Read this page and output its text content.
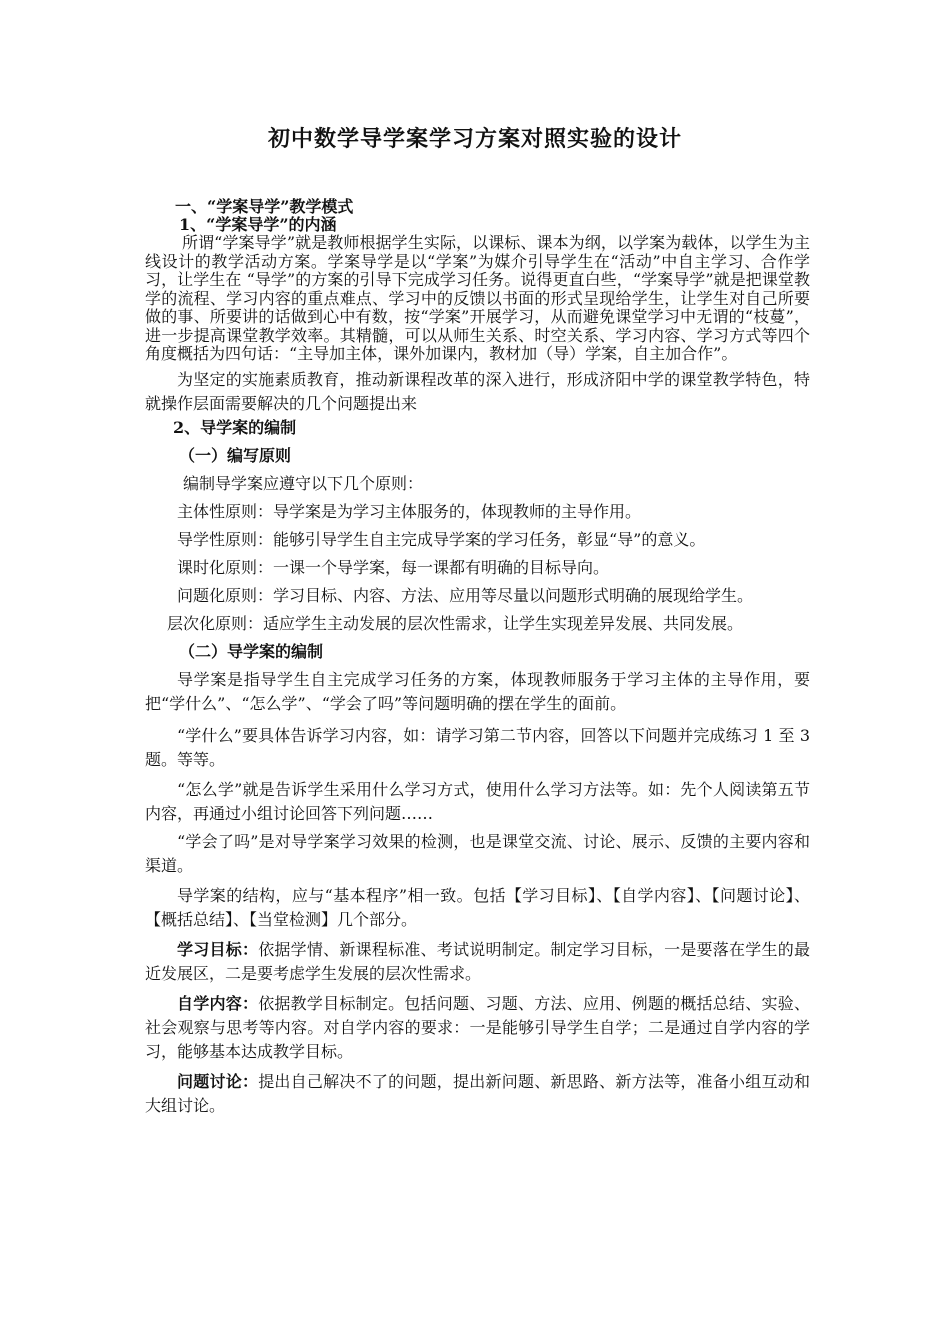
初中数学导学案学习方案对照实验的设计
一、“学案导学”教学模式
1、“学案导学”的内涵

所谓“学案导学”就是教师根据学生实际，以课标、课本为纲，以学案为载体，以学生为主线设计的教学活动方案。学案导学是以“学案”为媒介引导学生在“活动”中自主学习、合作学习，让学生在 “导学”的方案的引导下完成学习任务。说得更直白些，“学案导学”就是把课堂教学的流程、学习内容的重点难点、学习中的反馈以书面的形式呈现给学生，让学生对自己所要做的事、所要讲的话做到心中有数，按“学案”开展学习，从而避免课堂学习中无谓的“枝蔓”，进一步提高课堂教学效率。其精髓，可以从师生关系、时空关系、学习内容、学习方式等四个角度概括为四句话：“主导加主体，课外加课内，教材加（导）学案，自主加合作”。

为坚定的实施素质教育，推动新课程改革的深入进行，形成济阳中学的课堂教学特色，特就操作层面需要解决的几个问题提出来

2、导学案的编制
（一）编写原则

编制导学案应遵守以下几个原则：

主体性原则：导学案是为学习主体服务的，体现教师的主导作用。

导学性原则：能够引导学生自主完成导学案的学习任务，彰显“导”的意义。

课时化原则：一课一个导学案，每一课都有明确的目标导向。

问题化原则：学习目标、内容、方法、应用等尽量以问题形式明确的展现给学生。

层次化原则：适应学生主动发展的层次性需求，让学生实现差异发展、共同发展。

（二）导学案的编制

导学案是指导学生自主完成学习任务的方案，体现教师服务于学习主体的主导作用，要把“学什么”、“怎么学”、“学会了吗”等问题明确的摆在学生的面前。

“学什么”要具体告诉学习内容，如：请学习第二节内容，回答以下问题并完成练习 1 至 3 题。等等。

“怎么学”就是告诉学生采用什么学习方式，使用什么学习方法等。如：先个人阅读第五节内容，再通过小组讨论回答下列问题……

“学会了吗”是对导学案学习效果的检测，也是课堂交流、讨论、展示、反馈的主要内容和渠道。

导学案的结构，应与“基本程序”相一致。包括【学习目标】、【自学内容】、【问题讨论】、【概括总结】、【当堂检测】几个部分。

学习目标：依据学情、新课程标准、考试说明制定。制定学习目标，一是要落在学生的最近发展区，二是要考虑学生发展的层次性需求。

自学内容：依据教学目标制定。包括问题、习题、方法、应用、例题的概括总结、实验、社会观察与思考等内容。对自学内容的要求：一是能够引导学生自学；二是通过自学内容的学习，能够基本达成教学目标。

问题讨论：提出自己解决不了的问题，提出新问题、新思路、新方法等，准备小组互动和大组讨论。
